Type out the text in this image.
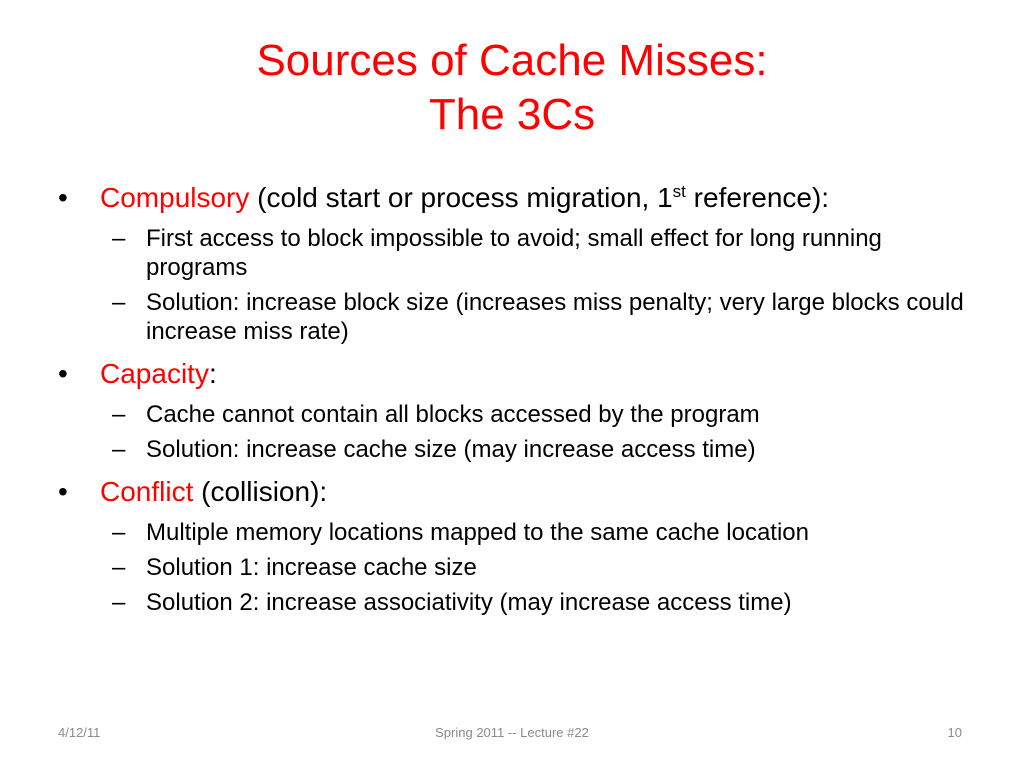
Sources of Cache Misses:
The 3Cs
•	Compulsory (cold start or process migration, 1st reference):
– First access to block impossible to avoid; small effect for long running programs
– Solution: increase block size (increases miss penalty; very large blocks could increase miss rate)
•	Capacity:
– Cache cannot contain all blocks accessed by the program
– Solution: increase cache size (may increase access time)
•	Conflict (collision):
– Multiple memory locations mapped to the same cache location
– Solution 1: increase cache size
– Solution 2: increase associativity (may increase access time)
4/12/11	Spring 2011 -- Lecture #22	10
